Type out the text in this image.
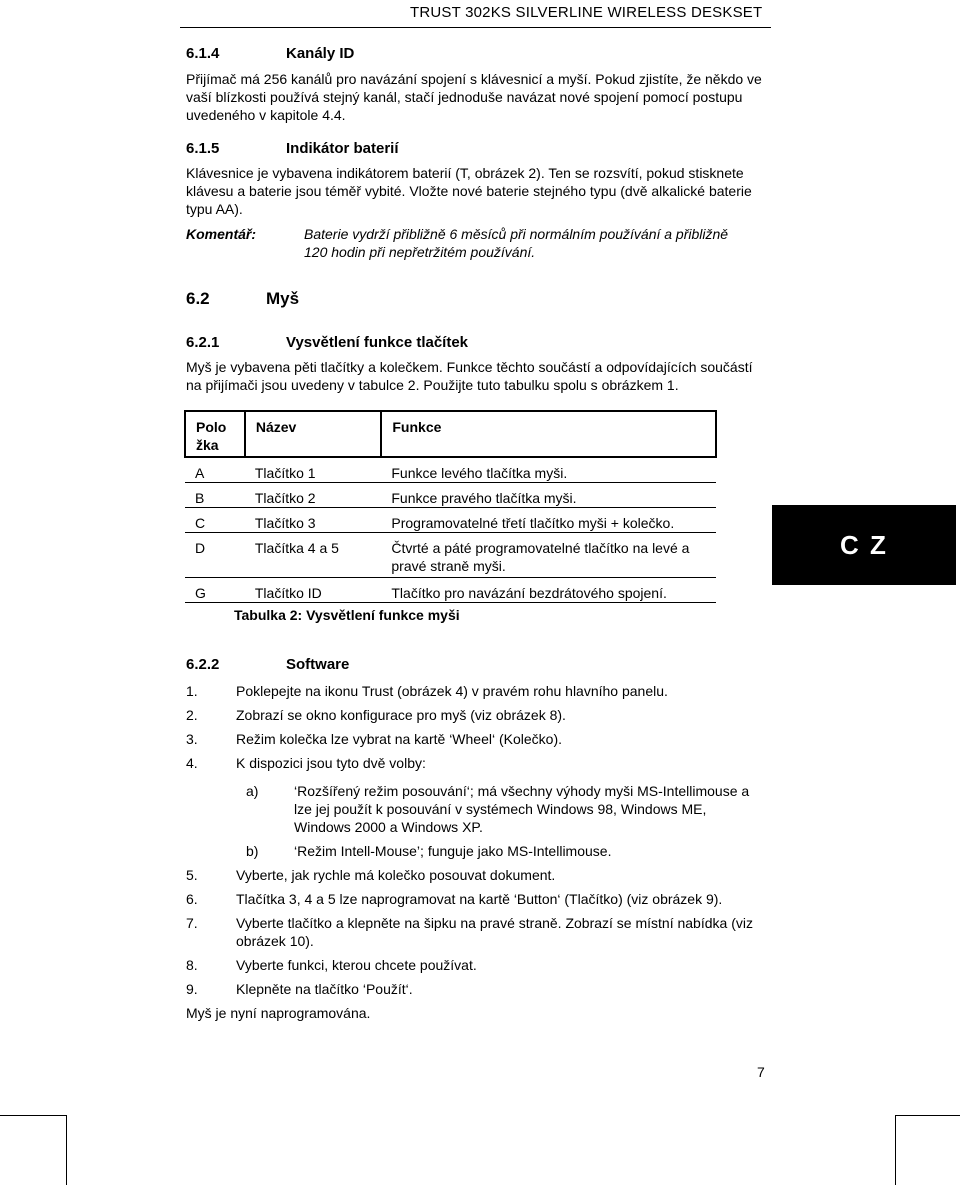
TRUST 302KS SILVERLINE WIRELESS DESKSET
6.1.4	Kanály ID

Přijímač má 256 kanálů pro navázání spojení s klávesnicí a myší. Pokud zjistíte, že někdo ve vaší blízkosti používá stejný kanál, stačí jednoduše navázat nové spojení pomocí postupu uvedeného v kapitole 4.4.

6.1.5	Indikátor baterií

Klávesnice je vybavena indikátorem baterií (T, obrázek 2). Ten se rozsvítí, pokud stisknete klávesu a baterie jsou téměř vybité. Vložte nové baterie stejného typu (dvě alkalické baterie typu AA).

Komentář:	Baterie vydrží přibližně 6 měsíců při normálním používání a přibližně 120 hodin při nepřetržitém používání.
6.2	Myš
6.2.1	Vysvětlení funkce tlačítek

Myš je vybavena pěti tlačítky a kolečkem. Funkce těchto součástí a odpovídajících součástí na přijímači jsou uvedeny v tabulce 2. Použijte tuto tabulku spolu s obrázkem 1.

Polo žka	Název	Funkce
A	Tlačítko 1	Funkce levého tlačítka myši.
B	Tlačítko 2	Funkce pravého tlačítka myši.
C	Tlačítko 3	Programovatelné třetí tlačítko myši + kolečko.
D	Tlačítka 4 a 5	Čtvrté a páté programovatelné tlačítko na levé a pravé straně myši.
G	Tlačítko ID	Tlačítko pro navázání bezdrátového spojení.
Tabulka 2: Vysvětlení funkce myši
C Z
6.2.2	Software
1.	Poklepejte na ikonu Trust (obrázek 4) v pravém rohu hlavního panelu.
2.	Zobrazí se okno konfigurace pro myš (viz obrázek 8).
3.	Režim kolečka lze vybrat na kartě ‘Wheel‘ (Kolečko).
4.	K dispozici jsou tyto dvě volby:
a)	‘Rozšířený režim posouvání‘; má všechny výhody myši MS-Intellimouse a lze jej použít k posouvání v systémech Windows 98, Windows ME, Windows 2000 a Windows XP.
b)	‘Režim Intell-Mouse’; funguje jako MS-Intellimouse.
5.	Vyberte, jak rychle má kolečko posouvat dokument.
6.	Tlačítka 3, 4 a 5 lze naprogramovat na kartě ‘Button‘ (Tlačítko) (viz obrázek 9).
7.	Vyberte tlačítko a klepněte na šipku na pravé straně. Zobrazí se místní nabídka (viz obrázek 10).
8.	Vyberte funkci, kterou chcete používat.
9.	Klepněte na tlačítko ‘Použít‘.
Myš je nyní naprogramována.
7
